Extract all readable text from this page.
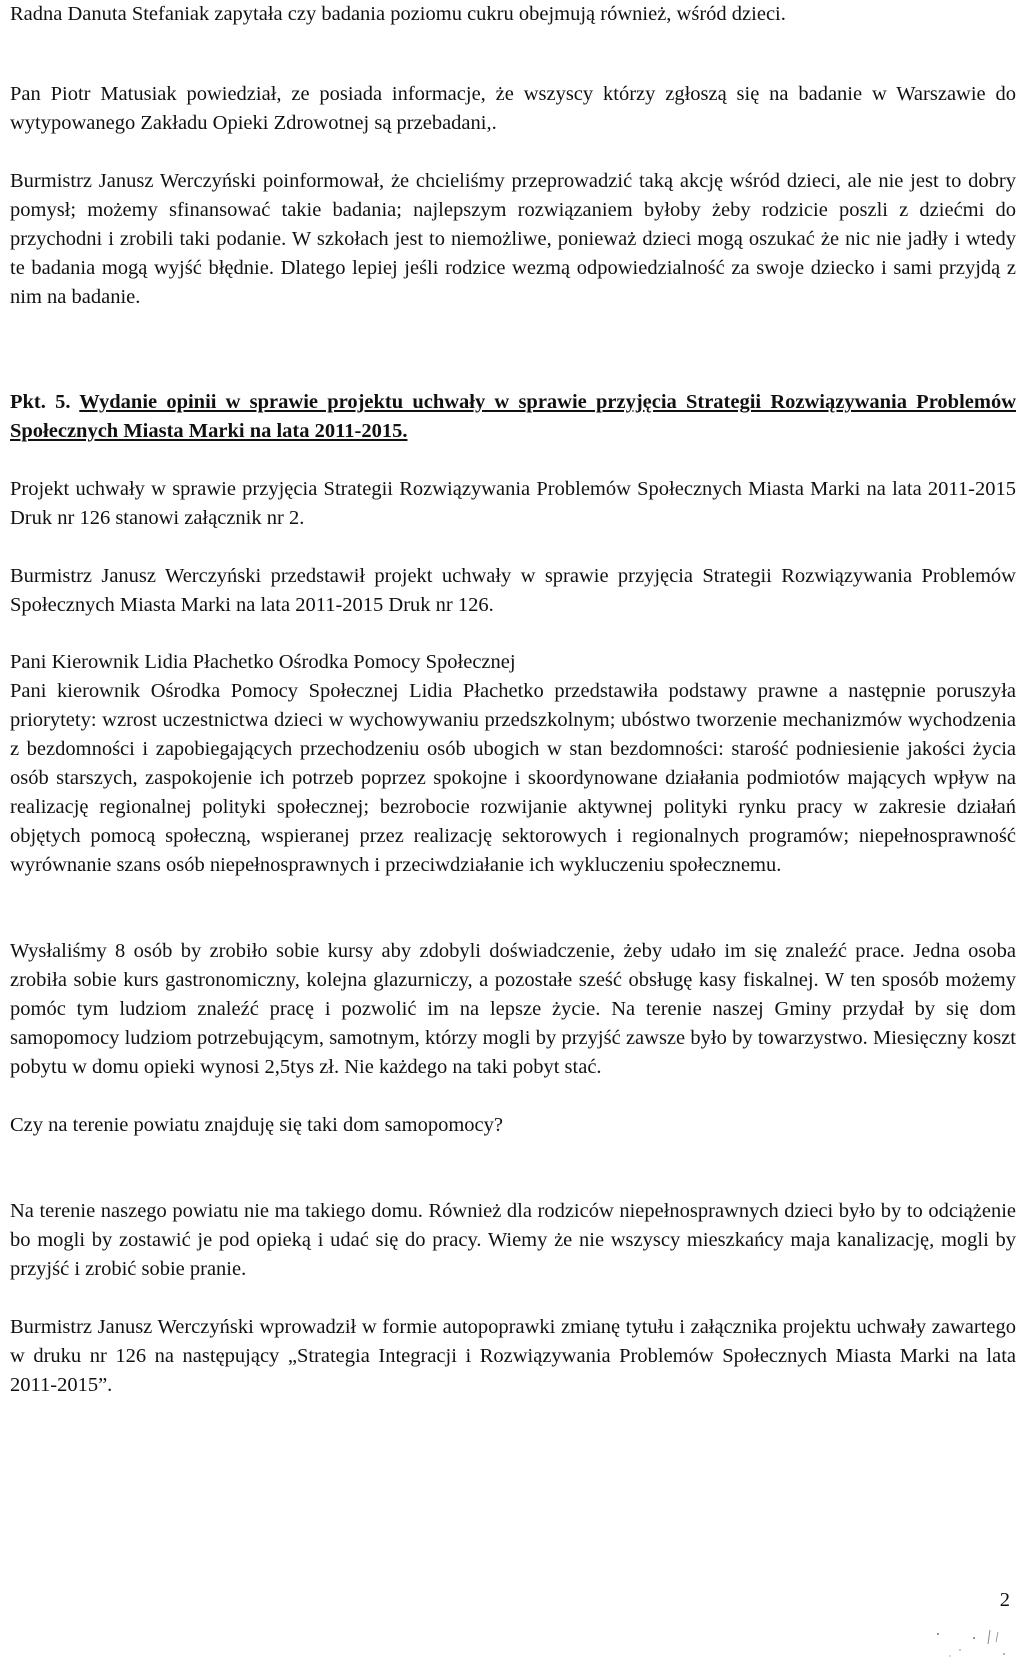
Radna Danuta Stefaniak zapytała czy badania poziomu cukru obejmują również, wśród dzieci.

Pan Piotr Matusiak powiedział, ze posiada informacje, że wszyscy którzy zgłoszą się na badanie w Warszawie do wytypowanego Zakładu Opieki Zdrowotnej są przebadani,.

Burmistrz Janusz Werczyński poinformował, że chcieliśmy przeprowadzić taką akcję wśród dzieci, ale nie jest to dobry pomysł; możemy sfinansować takie badania; najlepszym rozwiązaniem byłoby żeby rodzicie poszli z dziećmi do przychodni i zrobili taki podanie. W szkołach jest to niemożliwe, ponieważ dzieci mogą oszukać że nic nie jadły i wtedy te badania mogą wyjść błędnie. Dlatego lepiej jeśli rodzice wezmą odpowiedzialność za swoje dziecko i sami przyjdą z nim na badanie.

Pkt. 5. Wydanie opinii w sprawie projektu uchwały w sprawie przyjęcia Strategii Rozwiązywania Problemów Społecznych Miasta Marki na lata 2011-2015.

Projekt uchwały w sprawie przyjęcia Strategii Rozwiązywania Problemów Społecznych Miasta Marki na lata 2011-2015 Druk nr 126 stanowi załącznik nr 2.

Burmistrz Janusz Werczyński przedstawił projekt uchwały w sprawie przyjęcia Strategii Rozwiązywania Problemów Społecznych Miasta Marki na lata 2011-2015 Druk nr 126.

Pani Kierownik Lidia Płachetko Ośrodka Pomocy Społecznej

Pani kierownik Ośrodka Pomocy Społecznej Lidia Płachetko przedstawiła podstawy prawne a następnie poruszyła priorytety: wzrost uczestnictwa dzieci w wychowywaniu przedszkolnym; ubóstwo tworzenie mechanizmów wychodzenia z bezdomności i zapobiegających przechodzeniu osób ubogich w stan bezdomności: starość podniesienie jakości życia osób starszych, zaspokojenie ich potrzeb poprzez spokojne i skoordynowane działania podmiotów mających wpływ na realizację regionalnej polityki społecznej; bezrobocie rozwijanie aktywnej polityki rynku pracy w zakresie działań objętych pomocą społeczną, wspieranej przez realizację sektorowych i regionalnych programów; niepełnosprawność wyrównanie szans osób niepełnosprawnych i przeciwdziałanie ich wykluczeniu społecznemu.

Wysłaliśmy 8 osób by zrobiło sobie kursy aby zdobyli doświadczenie, żeby udało im się znaleźć prace. Jedna osoba zrobiła sobie kurs gastronomiczny, kolejna glazurniczy, a pozostałe sześć obsługę kasy fiskalnej. W ten sposób możemy pomóc tym ludziom znaleźć pracę i pozwolić im na lepsze życie. Na terenie naszej Gminy przydał by się dom samopomocy ludziom potrzebującym, samotnym, którzy mogli by przyjść zawsze było by towarzystwo. Miesięczny koszt pobytu w domu opieki wynosi 2,5tys zł. Nie każdego na taki pobyt stać.

Czy na terenie powiatu znajduję się taki dom samopomocy?

Na terenie naszego powiatu nie ma takiego domu. Również dla rodziców niepełnosprawnych dzieci było by to odciążenie bo mogli by zostawić je pod opieką i udać się do pracy. Wiemy że nie wszyscy mieszkańcy maja kanalizację, mogli by przyjść i zrobić sobie pranie.

Burmistrz Janusz Werczyński wprowadził w formie autopoprawki zmianę tytułu i załącznika projektu uchwały zawartego w druku nr 126 na następujący „Strategia Integracji i Rozwiązywania Problemów Społecznych Miasta Marki na lata 2011-2015”.

2
